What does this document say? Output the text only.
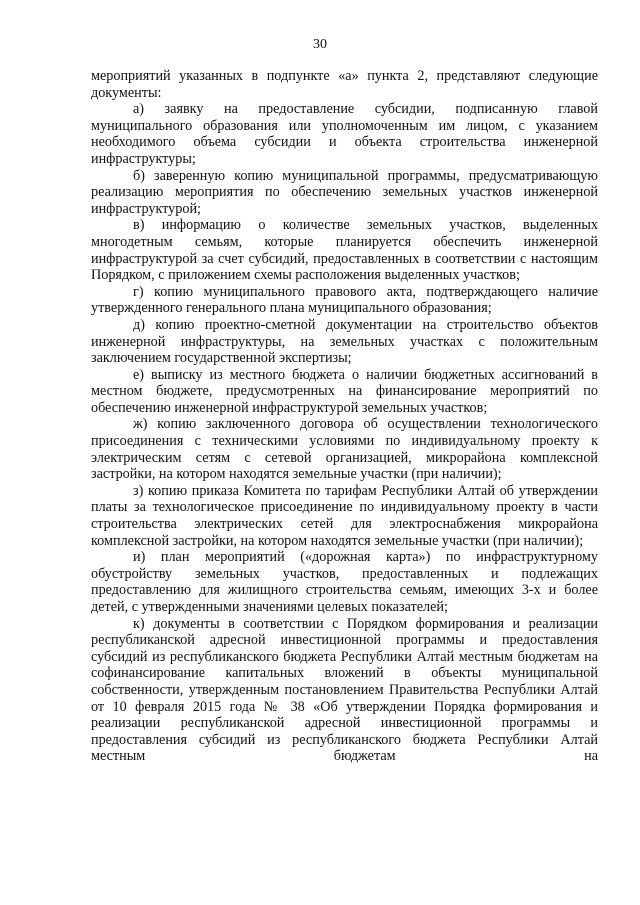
30

мероприятий указанных в подпункте «а» пункта 2, представляют следующие документы:

а) заявку на предоставление субсидии, подписанную главой муниципального образования или уполномоченным им лицом, с указанием необходимого объема субсидии и объекта строительства инженерной инфраструктуры;

б) заверенную копию муниципальной программы, предусматривающую реализацию мероприятия по обеспечению земельных участков инженерной инфраструктурой;

в) информацию о количестве земельных участков, выделенных многодетным семьям, которые планируется обеспечить инженерной инфраструктурой за счет субсидий, предоставленных в соответствии с настоящим Порядком, с приложением схемы расположения выделенных участков;

г) копию муниципального правового акта, подтверждающего наличие утвержденного генерального плана муниципального образования;

д) копию проектно-сметной документации на строительство объектов инженерной инфраструктуры, на земельных участках с положительным заключением государственной экспертизы;

е) выписку из местного бюджета о наличии бюджетных ассигнований в местном бюджете, предусмотренных на финансирование мероприятий по обеспечению инженерной инфраструктурой земельных участков;

ж) копию заключенного договора об осуществлении технологического присоединения с техническими условиями по индивидуальному проекту к электрическим сетям с сетевой организацией, микрорайона комплексной застройки, на котором находятся земельные участки (при наличии);

з) копию приказа Комитета по тарифам Республики Алтай об утверждении платы за технологическое присоединение по индивидуальному проекту в части строительства электрических сетей для электроснабжения микрорайона комплексной застройки, на котором находятся земельные участки (при наличии);

и) план мероприятий («дорожная карта») по инфраструктурному обустройству земельных участков, предоставленных и подлежащих предоставлению для жилищного строительства семьям, имеющих 3-х и более детей, с утвержденными значениями целевых показателей;

к) документы в соответствии с Порядком формирования и реализации республиканской адресной инвестиционной программы и предоставления субсидий из республиканского бюджета Республики Алтай местным бюджетам на софинансирование капитальных вложений в объекты муниципальной собственности, утвержденным постановлением Правительства Республики Алтай от 10 февраля 2015 года № 38 «Об утверждении Порядка формирования и реализации республиканской адресной инвестиционной программы и предоставления субсидий из республиканского бюджета Республики Алтай местным бюджетам на
